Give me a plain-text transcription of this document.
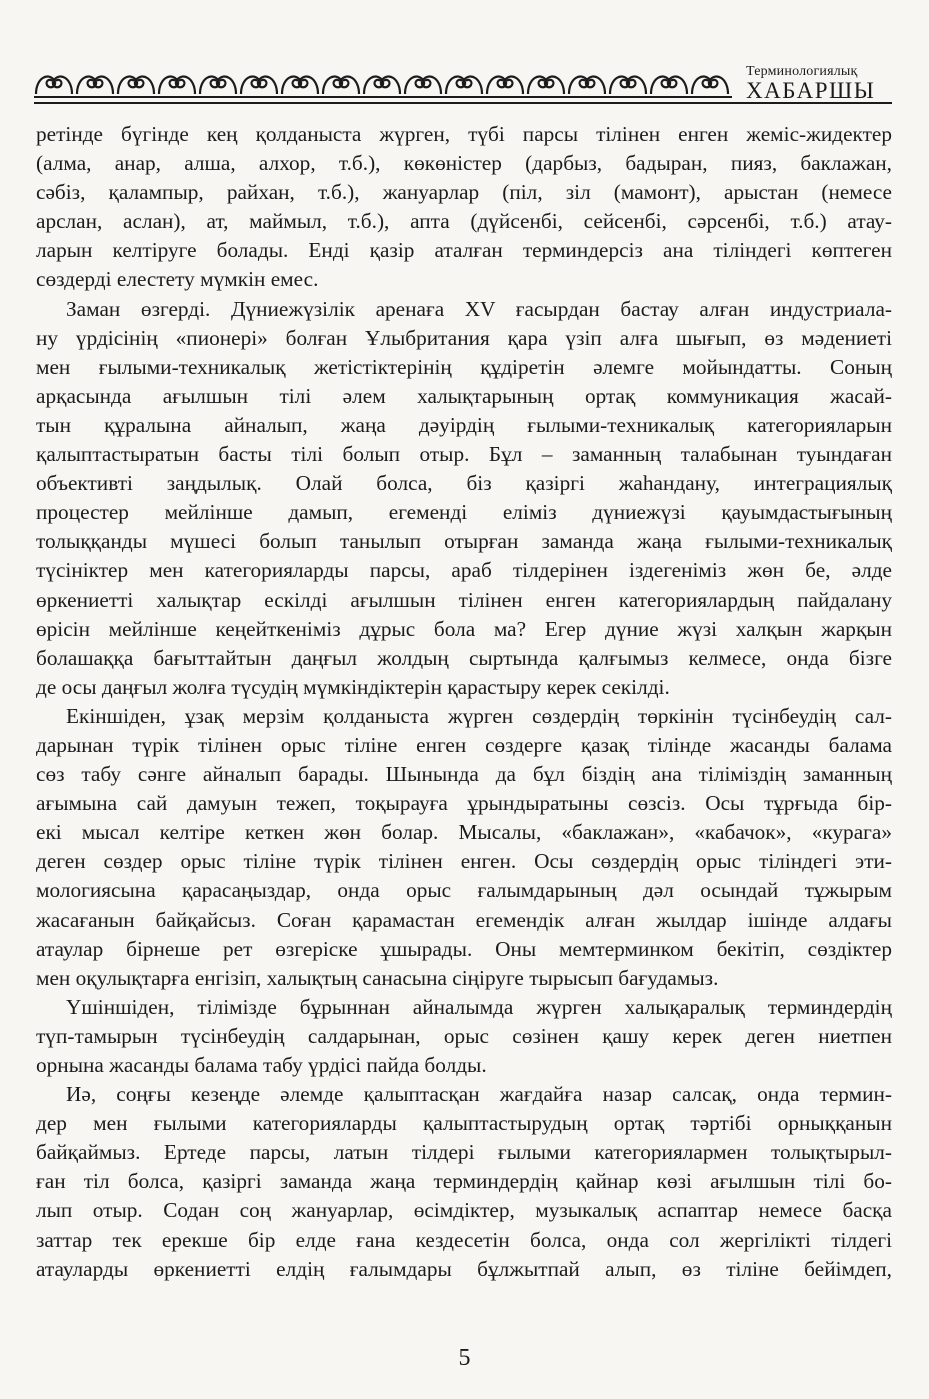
Терминологиялық
ХАБАРШЫ
ретінде бүгінде кең қолданыста жүрген, түбі парсы тілінен енген жеміс-жидектер
(алма, анар, алша, алхор, т.б.), көкөністер (дарбыз, бадыран, пияз, баклажан,
сәбіз, қалампыр, райхан, т.б.), жануарлар (піл, зіл (мамонт), арыстан (немесе
арслан, аслан), ат, маймыл, т.б.), апта (дүйсенбі, сейсенбі, сәрсенбі, т.б.) атау-
ларын келтіруге болады. Енді қазір аталған терминдерсіз ана тіліндегі көптеген
сөздерді елестету мүмкін емес.
Заман өзгерді. Дүниежүзілік аренаға XV ғасырдан бастау алған индустриала-
ну үрдісінің «пионері» болған Ұлыбритания қара үзіп алға шығып, өз мәдениеті
мен ғылыми-техникалық жетістіктерінің құдіретін әлемге мойындатты. Соның
арқасында ағылшын тілі әлем халықтарының ортақ коммуникация жасай-
тын құралына айналып, жаңа дәуірдің ғылыми-техникалық категорияларын
қалыптастыратын басты тілі болып отыр. Бұл – заманның талабынан туындаған
объективті заңдылық. Олай болса, біз қазіргі жаһандану, интеграциялық
процестер мейлінше дамып, егеменді еліміз дүниежүзі қауымдастығының
толыққанды мүшесі болып танылып отырған заманда жаңа ғылыми-техникалық
түсініктер мен категорияларды парсы, араб тілдерінен іздегеніміз жөн бе, әлде
өркениетті халықтар ескілді ағылшын тілінен енген категориялардың пайдалану
өрісін мейлінше кеңейткеніміз дұрыс бола ма? Егер дүние жүзі халқын жарқын
болашаққа бағыттайтын даңғыл жолдың сыртында қалғымыз келмесе, онда бізге
де осы даңғыл жолға түсудің мүмкіндіктерін қарастыру керек секілді.
Екіншіден, ұзақ мерзім қолданыста жүрген сөздердің төркінін түсінбеудің сал-
дарынан түрік тілінен орыс тіліне енген сөздерге қазақ тілінде жасанды балама
сөз табу сәнге айналып барады. Шынында да бұл біздің ана тіліміздің заманның
ағымына сай дамуын тежеп, тоқырауға ұрындыратыны сөзсіз. Осы тұрғыда бір-
екі мысал келтіре кеткен жөн болар. Мысалы, «баклажан», «кабачок», «курага»
деген сөздер орыс тіліне түрік тілінен енген. Осы сөздердің орыс тіліндегі эти-
мологиясына қарасаңыздар, онда орыс ғалымдарының дәл осындай тұжырым
жасағанын байқайсыз. Соған қарамастан егемендік алған жылдар ішінде алдағы
атаулар бірнеше рет өзгеріске ұшырады. Оны мемтерминком бекітіп, сөздіктер
мен оқулықтарға енгізіп, халықтың санасына сіңіруге тырысып бағудамыз.
Үшіншіден, тілімізде бұрыннан айналымда жүрген халықаралық терминдердің
түп-тамырын түсінбеудің салдарынан, орыс сөзінен қашу керек деген ниетпен
орнына жасанды балама табу үрдісі пайда болды.
Иә, соңғы кезеңде әлемде қалыптасқан жағдайға назар салсақ, онда термин-
дер мен ғылыми категорияларды қалыптастырудың ортақ тәртібі орныққанын
байқаймыз. Ертеде парсы, латын тілдері ғылыми категориялармен толықтырыл-
ған тіл болса, қазіргі заманда жаңа терминдердің қайнар көзі ағылшын тілі бо-
лып отыр. Содан соң жануарлар, өсімдіктер, музыкалық аспаптар немесе басқа
заттар тек ерекше бір елде ғана кездесетін болса, онда сол жергілікті тілдегі
атауларды өркениетті елдің ғалымдары бұлжытпай алып, өз тіліне бейімдеп,
5
